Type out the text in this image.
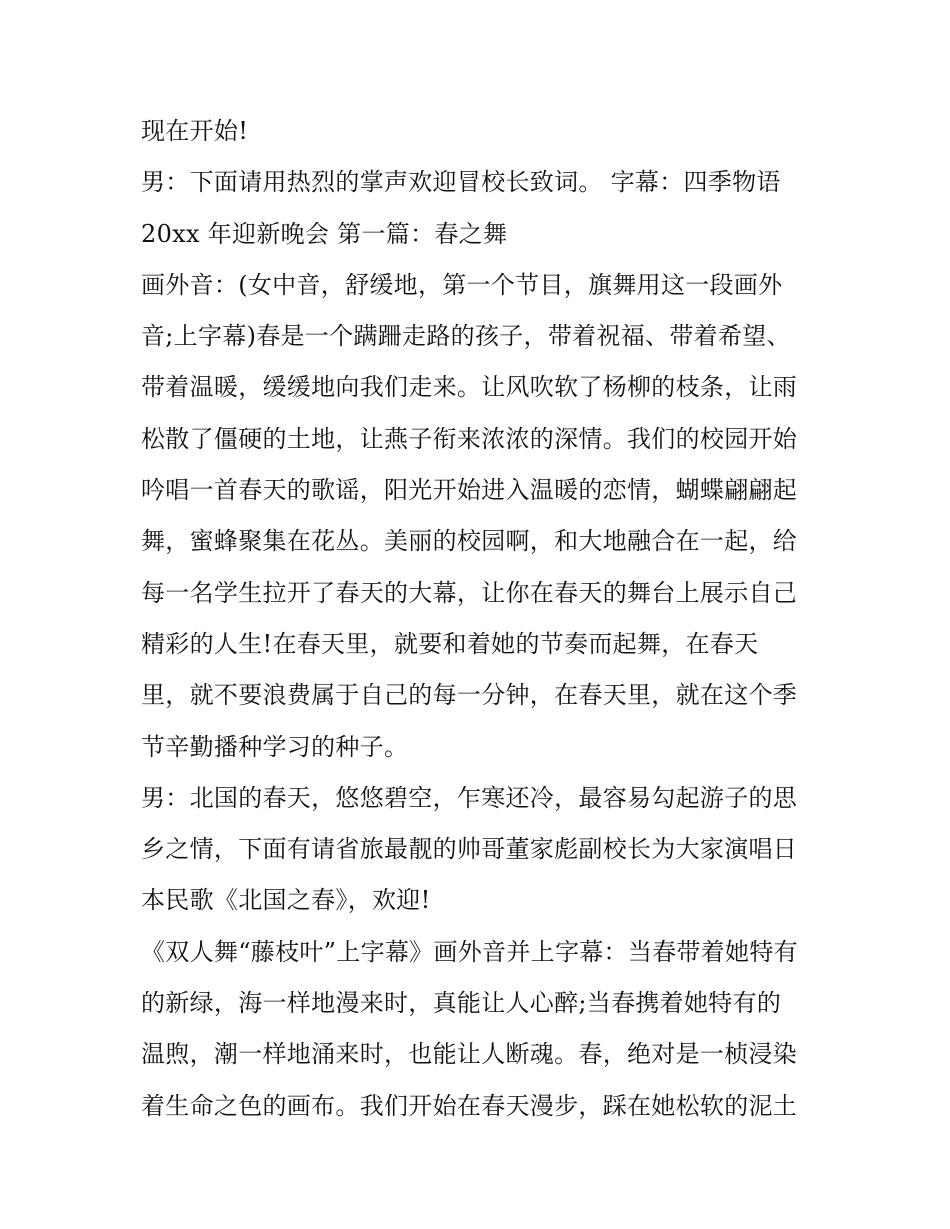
现在开始!
男：下面请用热烈的掌声欢迎冒校长致词。 字幕：四季物语
20xx 年迎新晚会 第一篇：春之舞
画外音：(女中音，舒缓地，第一个节目，旗舞用这一段画外
音;上字幕)春是一个蹒跚走路的孩子，带着祝福、带着希望、
带着温暖，缓缓地向我们走来。让风吹软了杨柳的枝条，让雨
松散了僵硬的土地，让燕子衔来浓浓的深情。我们的校园开始
吟唱一首春天的歌谣，阳光开始进入温暖的恋情，蝴蝶翩翩起
舞，蜜蜂聚集在花丛。美丽的校园啊，和大地融合在一起，给
每一名学生拉开了春天的大幕，让你在春天的舞台上展示自己
精彩的人生!在春天里，就要和着她的节奏而起舞，在春天
里，就不要浪费属于自己的每一分钟，在春天里，就在这个季
节辛勤播种学习的种子。
男：北国的春天，悠悠碧空，乍寒还冷，最容易勾起游子的思
乡之情，下面有请省旅最靓的帅哥董家彪副校长为大家演唱日
本民歌《北国之春》，欢迎!
《双人舞“藤枝叶”上字幕》画外音并上字幕：当春带着她特有
的新绿，海一样地漫来时，真能让人心醉;当春携着她特有的
温煦，潮一样地涌来时，也能让人断魂。春，绝对是一桢浸染
着生命之色的画布。我们开始在春天漫步，踩在她松软的泥土
